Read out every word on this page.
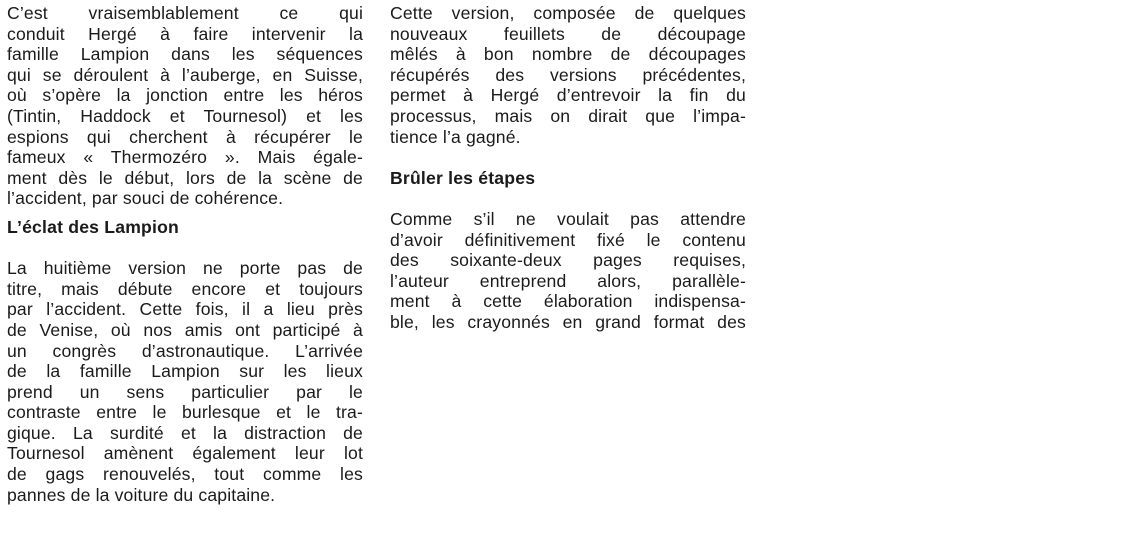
C’est vraisemblablement ce qui
conduit Hergé à faire intervenir la
famille Lampion dans les séquences
qui se déroulent à l’auberge, en Suisse,
où s’opère la jonction entre les héros
(Tintin, Haddock et Tournesol) et les
espions qui cherchent à récupérer le
fameux « Thermozéro ». Mais égale-
ment dès le début, lors de la scène de
l’accident, par souci de cohérence.
L’éclat des Lampion
La huitième version ne porte pas de
titre, mais débute encore et toujours
par l’accident. Cette fois, il a lieu près
de Venise, où nos amis ont participé à
un congrès d’astronautique. L’arrivée
de la famille Lampion sur les lieux
prend un sens particulier par le
contraste entre le burlesque et le tra-
gique. La surdité et la distraction de
Tournesol amènent également leur lot
de gags renouvelés, tout comme les
pannes de la voiture du capitaine.
Cette version, composée de quelques
nouveaux feuillets de découpage
mêlés à bon nombre de découpages
récupérés des versions précédentes,
permet à Hergé d’entrevoir la fin du
processus, mais on dirait que l’impa-
tience l’a gagné.
Brûler les étapes
Comme s’il ne voulait pas attendre
d’avoir définitivement fixé le contenu
des soixante-deux pages requises,
l’auteur entreprend alors, parallèle-
ment à cette élaboration indispensa-
ble, les crayonnés en grand format des
